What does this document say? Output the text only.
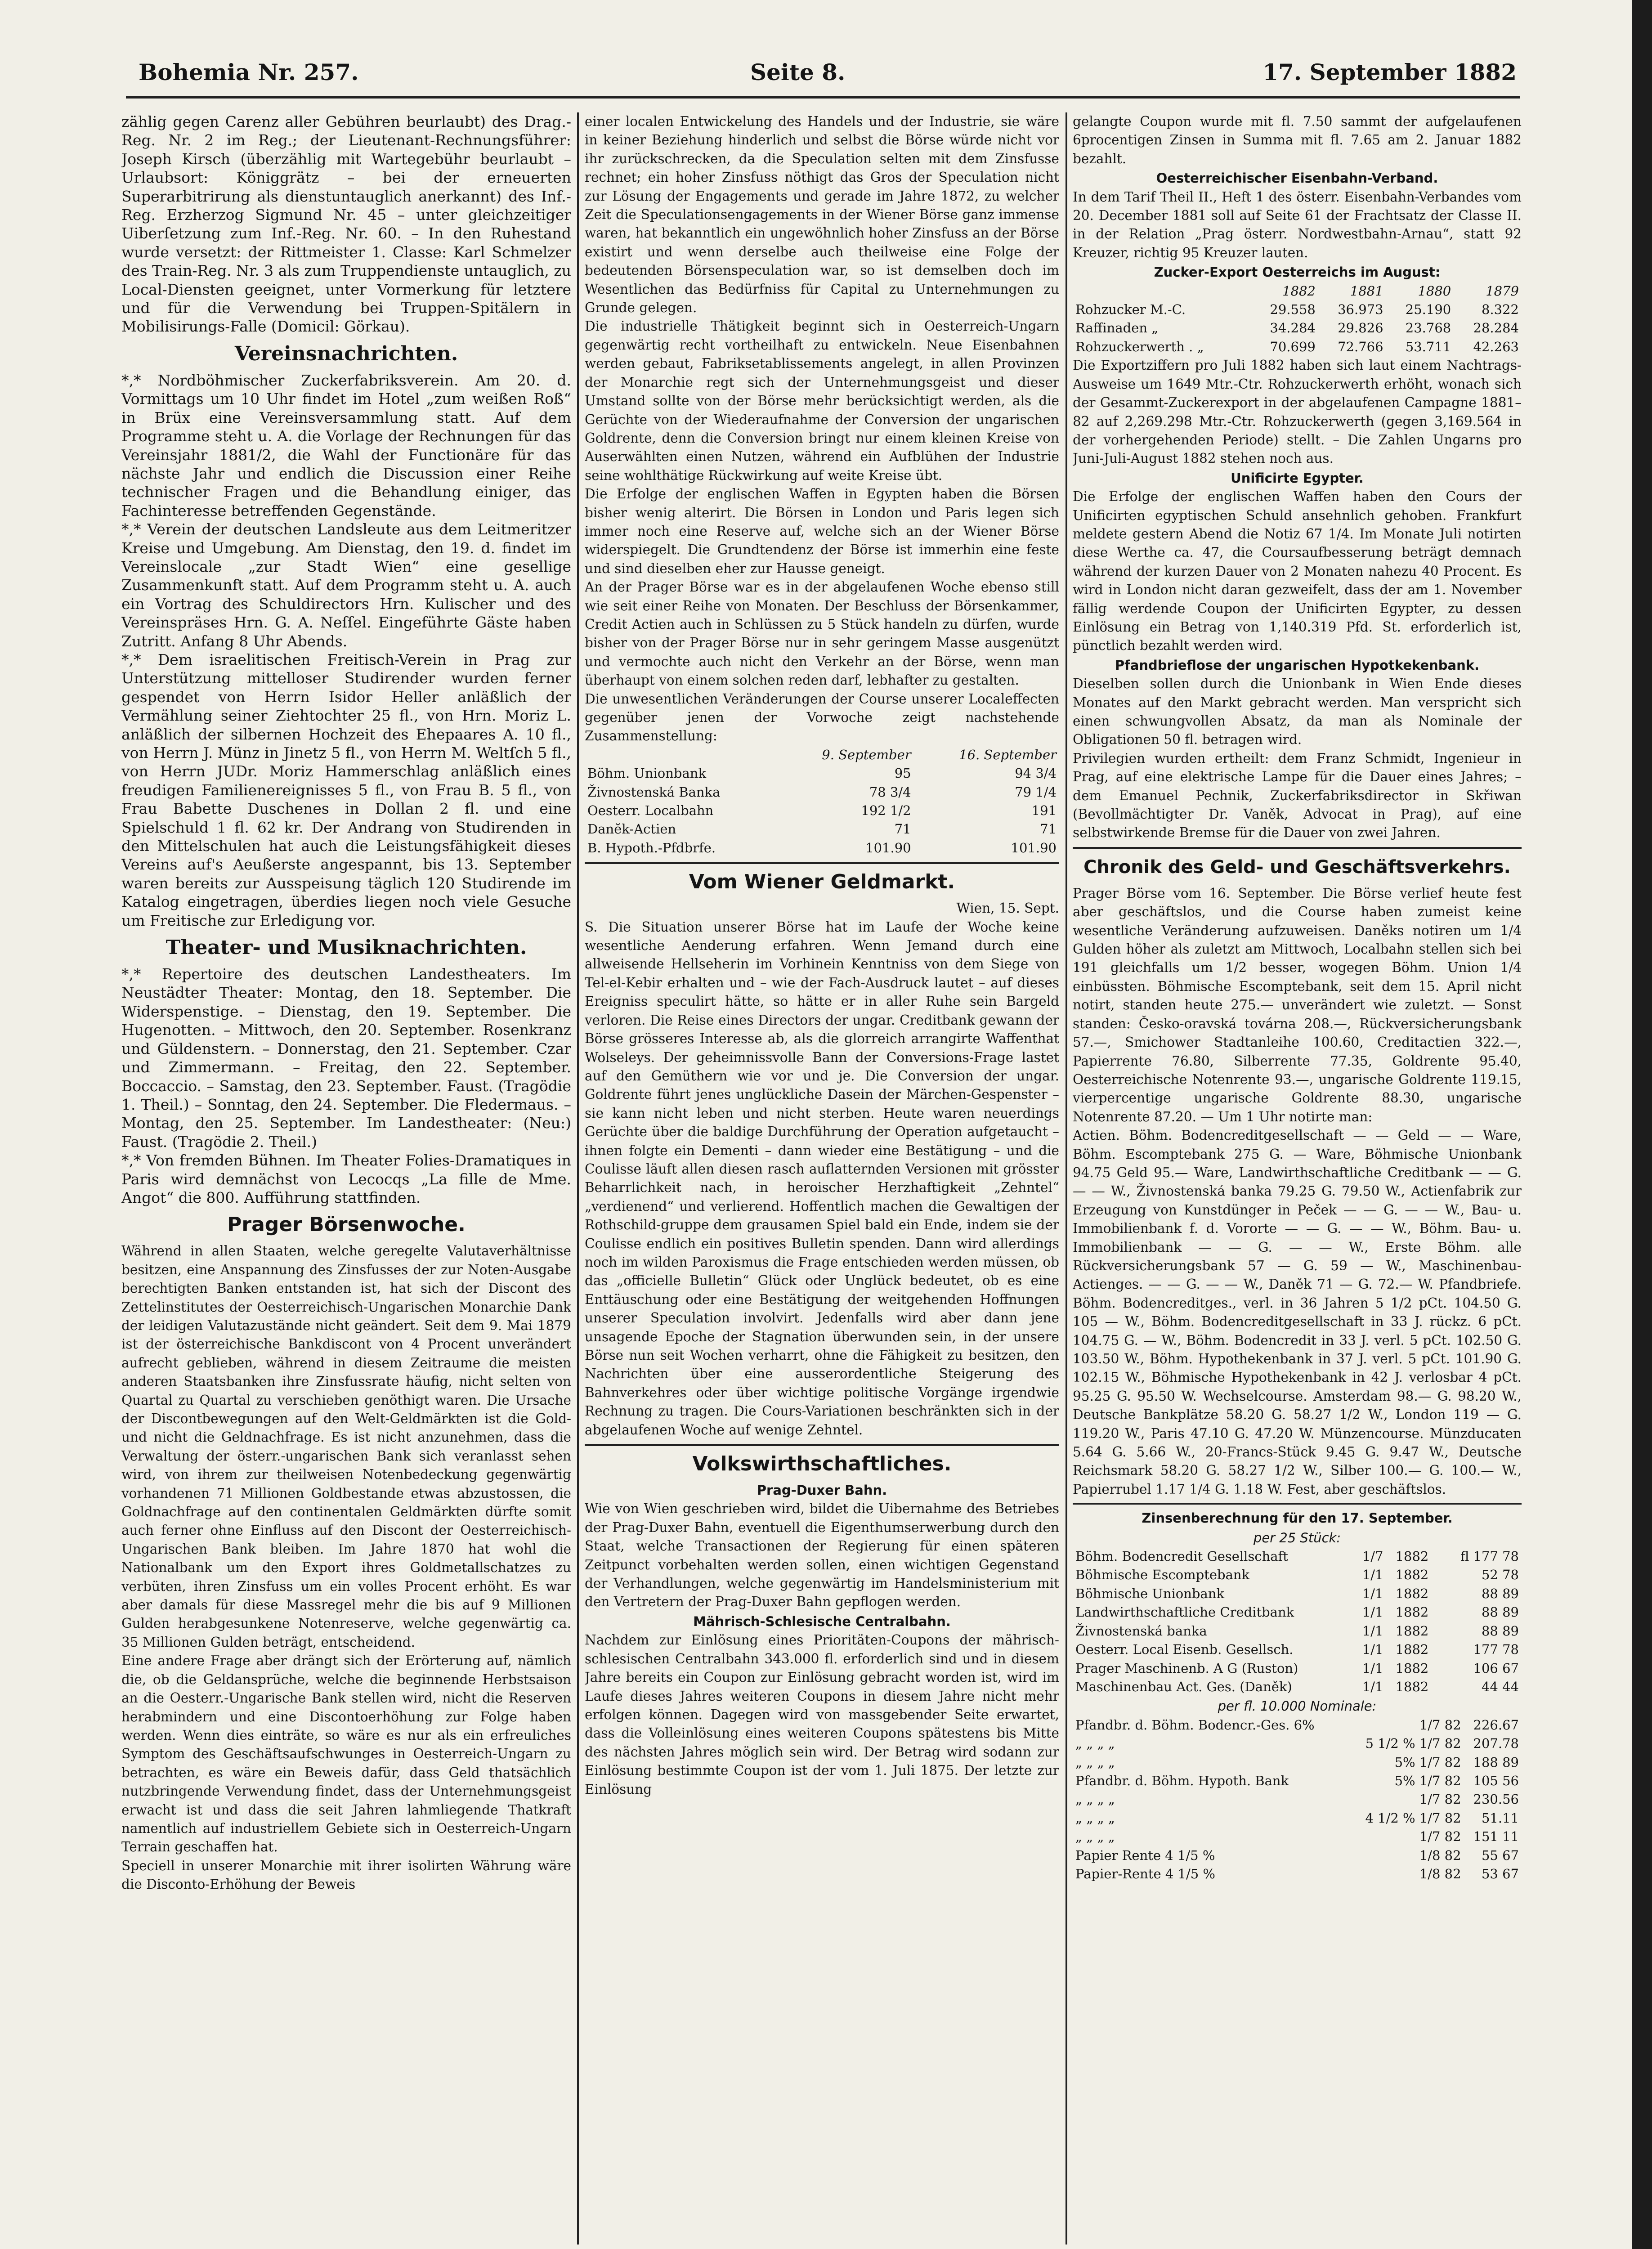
Bohemia Nr. 257.	Seite 8.	17. September 1882

zählig gegen Carenz aller Gebühren beurlaubt) des Drag.-Reg. Nr. 2 im Reg.; der Lieutenant-Rechnungsführer: Joseph Kirsch (überzählig mit Wartegebühr beurlaubt – Urlaubsort: Königgrätz – bei der erneuerten Superarbitrirung als dienstuntauglich anerkannt) des Inf.-Reg. Erzherzog Sigmund Nr. 45 – unter gleichzeitiger Uiberſetzung zum Inf.-Reg. Nr. 60. – In den Ruhestand wurde versetzt: der Rittmeister 1. Classe: Karl Schmelzer des Train-Reg. Nr. 3 als zum Truppendienste untauglich, zu Local-Diensten geeignet, unter Vormerkung für letztere und für die Verwendung bei Truppen-Spitälern in Mobilisirungs-Falle (Domicil: Görkau).

Vereinsnachrichten.

*,* Nordböhmischer Zuckerfabriksverein. Am 20. d. Vormittags um 10 Uhr findet im Hotel „zum weißen Roß“ in Brüx eine Vereinsversammlung statt. Auf dem Programme steht u. A. die Vorlage der Rechnungen für das Vereinsjahr 1881/2, die Wahl der Functionäre für das nächste Jahr und endlich die Discussion einer Reihe technischer Fragen und die Behandlung einiger, das Fachinteresse betreffenden Gegenstände.

*,* Verein der deutschen Landsleute aus dem Leitmeritzer Kreise und Umgebung. Am Dienstag, den 19. d. findet im Vereinslocale „zur Stadt Wien“ eine gesellige Zusammenkunft statt. Auf dem Programm steht u. A. auch ein Vortrag des Schuldirectors Hrn. Kulischer und des Vereinspräses Hrn. G. A. Neſſel. Eingeführte Gäste haben Zutritt. Anfang 8 Uhr Abends.

*,* Dem israelitischen Freitisch-Verein in Prag zur Unterstützung mittelloser Studirender wurden ferner gespendet von Herrn Isidor Heller anläßlich der Vermählung seiner Ziehtochter 25 fl., von Hrn. Moriz L. anläßlich der silbernen Hochzeit des Ehepaares A. 10 fl., von Herrn J. Münz in Jinetz 5 fl., von Herrn M. Weltſch 5 fl., von Herrn JUDr. Moriz Hammerschlag anläßlich eines freudigen Familienereignisses 5 fl., von Frau B. 5 fl., von Frau Babette Duschenes in Dollan 2 fl. und eine Spielschuld 1 fl. 62 kr. Der Andrang von Studirenden in den Mittelschulen hat auch die Leistungsfähigkeit dieses Vereins auf's Aeußerste angespannt, bis 13. September waren bereits zur Ausspeisung täglich 120 Studirende im Katalog eingetragen, überdies liegen noch viele Gesuche um Freitische zur Erledigung vor.

Theater- und Musiknachrichten.

*,* Repertoire des deutschen Landestheaters. Im Neustädter Theater: Montag, den 18. September. Die Widerspenstige. – Dienstag, den 19. September. Die Hugenotten. – Mittwoch, den 20. September. Rosenkranz und Güldenstern. – Donnerstag, den 21. September. Czar und Zimmermann. – Freitag, den 22. September. Boccaccio. – Samstag, den 23. September. Faust. (Tragödie 1. Theil.) – Sonntag, den 24. September. Die Fledermaus. – Montag, den 25. September. Im Landestheater: (Neu:) Faust. (Tragödie 2. Theil.)

*,* Von fremden Bühnen. Im Theater Folies-Dramatiques in Paris wird demnächst von Lecocqs „La fille de Mme. Angot“ die 800. Aufführung stattfinden.

Prager Börsenwoche.

Während in allen Staaten, welche geregelte Valutaverhältnisse besitzen, eine Anspannung des Zinsfusses der zur Noten-Ausgabe berechtigten Banken entstanden ist, hat sich der Discont des Zettelinstitutes der Oesterreichisch-Ungarischen Monarchie Dank der leidigen Valutazustände nicht geändert. Seit dem 9. Mai 1879 ist der österreichische Bankdiscont von 4 Procent unverändert aufrecht geblieben, während in diesem Zeitraume die meisten anderen Staatsbanken ihre Zinsfussrate häufig, nicht selten von Quartal zu Quartal zu verschieben genöthigt waren. Die Ursache der Discontbewegungen auf den Welt-Geldmärkten ist die Gold- und nicht die Geldnachfrage. Es ist nicht anzunehmen, dass die Verwaltung der österr.-ungarischen Bank sich veranlasst sehen wird, von ihrem zur theilweisen Notenbedeckung gegenwärtig vorhandenen 71 Millionen Goldbestande etwas abzustossen, die Goldnachfrage auf den continentalen Geldmärkten dürfte somit auch ferner ohne Einfluss auf den Discont der Oesterreichisch-Ungarischen Bank bleiben. Im Jahre 1870 hat wohl die Nationalbank um den Export ihres Goldmetallschatzes zu verbüten, ihren Zinsfuss um ein volles Procent erhöht. Es war aber damals für diese Massregel mehr die bis auf 9 Millionen Gulden herabgesunkene Notenreserve, welche gegenwärtig ca. 35 Millionen Gulden beträgt, entscheidend.

Eine andere Frage aber drängt sich der Erörterung auf, nämlich die, ob die Geldansprüche, welche die beginnende Herbstsaison an die Oesterr.-Ungarische Bank stellen wird, nicht die Reserven herabmindern und eine Discontoerhöhung zur Folge haben werden. Wenn dies einträte, so wäre es nur als ein erfreuliches Symptom des Geschäftsaufschwunges in Oesterreich-Ungarn zu betrachten, es wäre ein Beweis dafür, dass Geld thatsächlich nutzbringende Verwendung findet, dass der Unternehmungsgeist erwacht ist und dass die seit Jahren lahmliegende Thatkraft namentlich auf industriellem Gebiete sich in Oesterreich-Ungarn Terrain geschaffen hat.

Speciell in unserer Monarchie mit ihrer isolirten Währung wäre die Disconto-Erhöhung der Beweis

einer localen Entwickelung des Handels und der Industrie, sie wäre in keiner Beziehung hinderlich und selbst die Börse würde nicht vor ihr zurückschrecken, da die Speculation selten mit dem Zinsfusse rechnet; ein hoher Zinsfuss nöthigt das Gros der Speculation nicht zur Lösung der Engagements und gerade im Jahre 1872, zu welcher Zeit die Speculationsengagements in der Wiener Börse ganz immense waren, hat bekanntlich ein ungewöhnlich hoher Zinsfuss an der Börse existirt und wenn derselbe auch theilweise eine Folge der bedeutenden Börsenspeculation war, so ist demselben doch im Wesentlichen das Bedürfniss für Capital zu Unternehmungen zu Grunde gelegen.

Die industrielle Thätigkeit beginnt sich in Oesterreich-Ungarn gegenwärtig recht vortheilhaft zu entwickeln. Neue Eisenbahnen werden gebaut, Fabriksetablissements angelegt, in allen Provinzen der Monarchie regt sich der Unternehmungsgeist und dieser Umstand sollte von der Börse mehr berücksichtigt werden, als die Gerüchte von der Wiederaufnahme der Conversion der ungarischen Goldrente, denn die Conversion bringt nur einem kleinen Kreise von Auserwählten einen Nutzen, während ein Aufblühen der Industrie seine wohlthätige Rückwirkung auf weite Kreise übt.

Die Erfolge der englischen Waffen in Egypten haben die Börsen bisher wenig alterirt. Die Börsen in London und Paris legen sich immer noch eine Reserve auf, welche sich an der Wiener Börse widerspiegelt. Die Grundtendenz der Börse ist immerhin eine feste und sind dieselben eher zur Hausse geneigt.

An der Prager Börse war es in der abgelaufenen Woche ebenso still wie seit einer Reihe von Monaten. Der Beschluss der Börsenkammer, Credit Actien auch in Schlüssen zu 5 Stück handeln zu dürfen, wurde bisher von der Prager Börse nur in sehr geringem Masse ausgenützt und vermochte auch nicht den Verkehr an der Börse, wenn man überhaupt von einem solchen reden darf, lebhafter zu gestalten.

Die unwesentlichen Veränderungen der Course unserer Localeffecten gegenüber jenen der Vorwoche zeigt nachstehende Zusammenstellung:

	9. September	16. September
Böhm. Unionbank	95	94 3/4
Živnostenská Banka	78 3/4	79 1/4
Oesterr. Localbahn	192 1/2	191
Danĕk-Actien	71	71
B. Hypoth.-Pfdbrfe.	101.90	101.90
Vom Wiener Geldmarkt.

Wien, 15. Sept.

S. Die Situation unserer Börse hat im Laufe der Woche keine wesentliche Aenderung erfahren. Wenn Jemand durch eine allweisende Hellseherin im Vorhinein Kenntniss von dem Siege von Tel-el-Kebir erhalten und – wie der Fach-Ausdruck lautet – auf dieses Ereigniss speculirt hätte, so hätte er in aller Ruhe sein Bargeld verloren. Die Reise eines Directors der ungar. Creditbank gewann der Börse grösseres Interesse ab, als die glorreich arrangirte Waffenthat Wolseleys. Der geheimnissvolle Bann der Conversions-Frage lastet auf den Gemüthern wie vor und je. Die Conversion der ungar. Goldrente führt jenes unglückliche Dasein der Märchen-Gespenster – sie kann nicht leben und nicht sterben. Heute waren neuerdings Gerüchte über die baldige Durchführung der Operation aufgetaucht – ihnen folgte ein Dementi – dann wieder eine Bestätigung – und die Coulisse läuft allen diesen rasch auflatternden Versionen mit grösster Beharrlichkeit nach, in heroischer Herzhaftigkeit „Zehntel“ „verdienend“ und verlierend. Hoffentlich machen die Gewaltigen der Rothschild-gruppe dem grausamen Spiel bald ein Ende, indem sie der Coulisse endlich ein positives Bulletin spenden. Dann wird allerdings noch im wilden Paroxismus die Frage entschieden werden müssen, ob das „officielle Bulletin“ Glück oder Unglück bedeutet, ob es eine Enttäuschung oder eine Bestätigung der weitgehenden Hoffnungen unserer Speculation involvirt. Jedenfalls wird aber dann jene unsagende Epoche der Stagnation überwunden sein, in der unsere Börse nun seit Wochen verharrt, ohne die Fähigkeit zu besitzen, den Nachrichten über eine ausserordentliche Steigerung des Bahnverkehres oder über wichtige politische Vorgänge irgendwie Rechnung zu tragen. Die Cours-Variationen beschränkten sich in der abgelaufenen Woche auf wenige Zehntel.

Volkswirthschaftliches.
Prag-Duxer Bahn.

Wie von Wien geschrieben wird, bildet die Uibernahme des Betriebes der Prag-Duxer Bahn, eventuell die Eigenthumserwerbung durch den Staat, welche Transactionen der Regierung für einen späteren Zeitpunct vorbehalten werden sollen, einen wichtigen Gegenstand der Verhandlungen, welche gegenwärtig im Handelsministerium mit den Vertretern der Prag-Duxer Bahn gepflogen werden.

Mährisch-Schlesische Centralbahn.

Nachdem zur Einlösung eines Prioritäten-Coupons der mährisch-schlesischen Centralbahn 343.000 fl. erforderlich sind und in diesem Jahre bereits ein Coupon zur Einlösung gebracht worden ist, wird im Laufe dieses Jahres weiteren Coupons in diesem Jahre nicht mehr erfolgen können. Dagegen wird von massgebender Seite erwartet, dass die Volleinlösung eines weiteren Coupons spätestens bis Mitte des nächsten Jahres möglich sein wird. Der Betrag wird sodann zur Einlösung bestimmte Coupon ist der vom 1. Juli 1875. Der letzte zur Einlösung

gelangte Coupon wurde mit fl. 7.50 sammt der aufgelaufenen 6procentigen Zinsen in Summa mit fl. 7.65 am 2. Januar 1882 bezahlt.

Oesterreichischer Eisenbahn-Verband.

In dem Tarif Theil II., Heft 1 des österr. Eisenbahn-Verbandes vom 20. December 1881 soll auf Seite 61 der Frachtsatz der Classe II. in der Relation „Prag österr. Nordwestbahn-Arnau“, statt 92 Kreuzer, richtig 95 Kreuzer lauten.

Zucker-Export Oesterreichs im August:
	1882	1881	1880	1879
Rohzucker M.-C.	29.558	36.973	25.190	8.322
Raffinaden „	34.284	29.826	23.768	28.284
Rohzuckerwerth . „	70.699	72.766	53.711	42.263

Die Exportziffern pro Juli 1882 haben sich laut einem Nachtrags-Ausweise um 1649 Mtr.-Ctr. Rohzuckerwerth erhöht, wonach sich der Gesammt-Zuckerexport in der abgelaufenen Campagne 1881–82 auf 2,269.298 Mtr.-Ctr. Rohzuckerwerth (gegen 3,169.564 in der vorhergehenden Periode) stellt. – Die Zahlen Ungarns pro Juni-Juli-August 1882 stehen noch aus.

Unificirte Egypter.

Die Erfolge der englischen Waffen haben den Cours der Unificirten egyptischen Schuld ansehnlich gehoben. Frankfurt meldete gestern Abend die Notiz 67 1/4. Im Monate Juli notirten diese Werthe ca. 47, die Coursaufbesserung beträgt demnach während der kurzen Dauer von 2 Monaten nahezu 40 Procent. Es wird in London nicht daran gezweifelt, dass der am 1. November fällig werdende Coupon der Unificirten Egypter, zu dessen Einlösung ein Betrag von 1,140.319 Pfd. St. erforderlich ist, pünctlich bezahlt werden wird.

Pfandbrieflose der ungarischen Hypotkekenbank.

Dieselben sollen durch die Unionbank in Wien Ende dieses Monates auf den Markt gebracht werden. Man verspricht sich einen schwungvollen Absatz, da man als Nominale der Obligationen 50 fl. betragen wird.

Privilegien wurden ertheilt: dem Franz Schmidt, Ingenieur in Prag, auf eine elektrische Lampe für die Dauer eines Jahres; – dem Emanuel Pechnik, Zuckerfabriksdirector in Skřiwan (Bevollmächtigter Dr. Vaněk, Advocat in Prag), auf eine selbstwirkende Bremse für die Dauer von zwei Jahren.

Chronik des Geld- und Geschäftsverkehrs.

Prager Börse vom 16. September. Die Börse verlief heute fest aber geschäftslos, und die Course haben zumeist keine wesentliche Veränderung aufzuweisen. Daněks notiren um 1/4 Gulden höher als zuletzt am Mittwoch, Localbahn stellen sich bei 191 gleichfalls um 1/2 besser, wogegen Böhm. Union 1/4 einbüssten. Böhmische Escomptebank, seit dem 15. April nicht notirt, standen heute 275.— unverändert wie zuletzt. — Sonst standen: Česko-oravská továrna 208.—, Rückversicherungsbank 57.—, Smichower Stadtanleihe 100.60, Creditactien 322.—, Papierrente 76.80, Silberrente 77.35, Goldrente 95.40, Oesterreichische Notenrente 93.—, ungarische Goldrente 119.15, vierpercentige ungarische Goldrente 88.30, ungarische Notenrente 87.20. — Um 1 Uhr notirte man:

Actien. Böhm. Bodencreditgesellschaft — — Geld — — Ware, Böhm. Escomptebank 275 G. — Ware, Böhmische Unionbank 94.75 Geld 95.— Ware, Landwirthschaftliche Creditbank — — G. — — W., Živnostenská banka 79.25 G. 79.50 W., Actienfabrik zur Erzeugung von Kunstdünger in Peček — — G. — — W., Bau- u. Immobilienbank f. d. Vororte — — G. — — W., Böhm. Bau- u. Immobilienbank — — G. — — W., Erste Böhm. alle Rückversicherungsbank 57 — G. 59 — W., Maschinenbau-Actienges. — — G. — — W., Daněk 71 — G. 72.— W. Pfandbriefe. Böhm. Bodencreditges., verl. in 36 Jahren 5 1/2 pCt. 104.50 G. 105 — W., Böhm. Bodencreditgesellschaft in 33 J. rückz. 6 pCt. 104.75 G. — W., Böhm. Bodencredit in 33 J. verl. 5 pCt. 102.50 G. 103.50 W., Böhm. Hypothekenbank in 37 J. verl. 5 pCt. 101.90 G. 102.15 W., Böhmische Hypothekenbank in 42 J. verlosbar 4 pCt. 95.25 G. 95.50 W. Wechselcourse. Amsterdam 98.— G. 98.20 W., Deutsche Bankplätze 58.20 G. 58.27 1/2 W., London 119 — G. 119.20 W., Paris 47.10 G. 47.20 W. Münzencourse. Münzducaten 5.64 G. 5.66 W., 20-Francs-Stück 9.45 G. 9.47 W., Deutsche Reichsmark 58.20 G. 58.27 1/2 W., Silber 100.— G. 100.— W., Papierrubel 1.17 1/4 G. 1.18 W. Fest, aber geschäftslos.

Zinsenberechnung für den 17. September.
per 25 Stück:
Böhm. Bodencredit Gesellschaft	1/7	1882	fl 177 78
Böhmische Escomptebank	1/1	1882	52 78
Böhmische Unionbank	1/1	1882	88 89
Landwirthschaftliche Creditbank	1/1	1882	88 89
Živnostenská banka	1/1	1882	88 89
Oesterr. Local Eisenb. Gesellsch.	1/1	1882	177 78
Prager Maschinenb. A G (Ruston)	1/1	1882	106 67
Maschinenbau Act. Ges. (Daněk)	1/1	1882	44 44
per fl. 10.000 Nominale:
Pfandbr. d. Böhm. Bodencr.-Ges. 6%	1/7 82	226.67
„ „ „ „	5 1/2 % 1/7 82	207.78
„ „ „ „	5% 1/7 82	188 89
Pfandbr. d. Böhm. Hypoth. Bank	5% 1/7 82	105 56
„ „ „ „	1/7 82	230.56
„ „ „ „	4 1/2 % 1/7 82	51.11
„ „ „ „	1/7 82	151 11
Papier Rente 4 1/5 %	1/8 82	55 67
Papier-Rente 4 1/5 %	1/8 82	53 67
